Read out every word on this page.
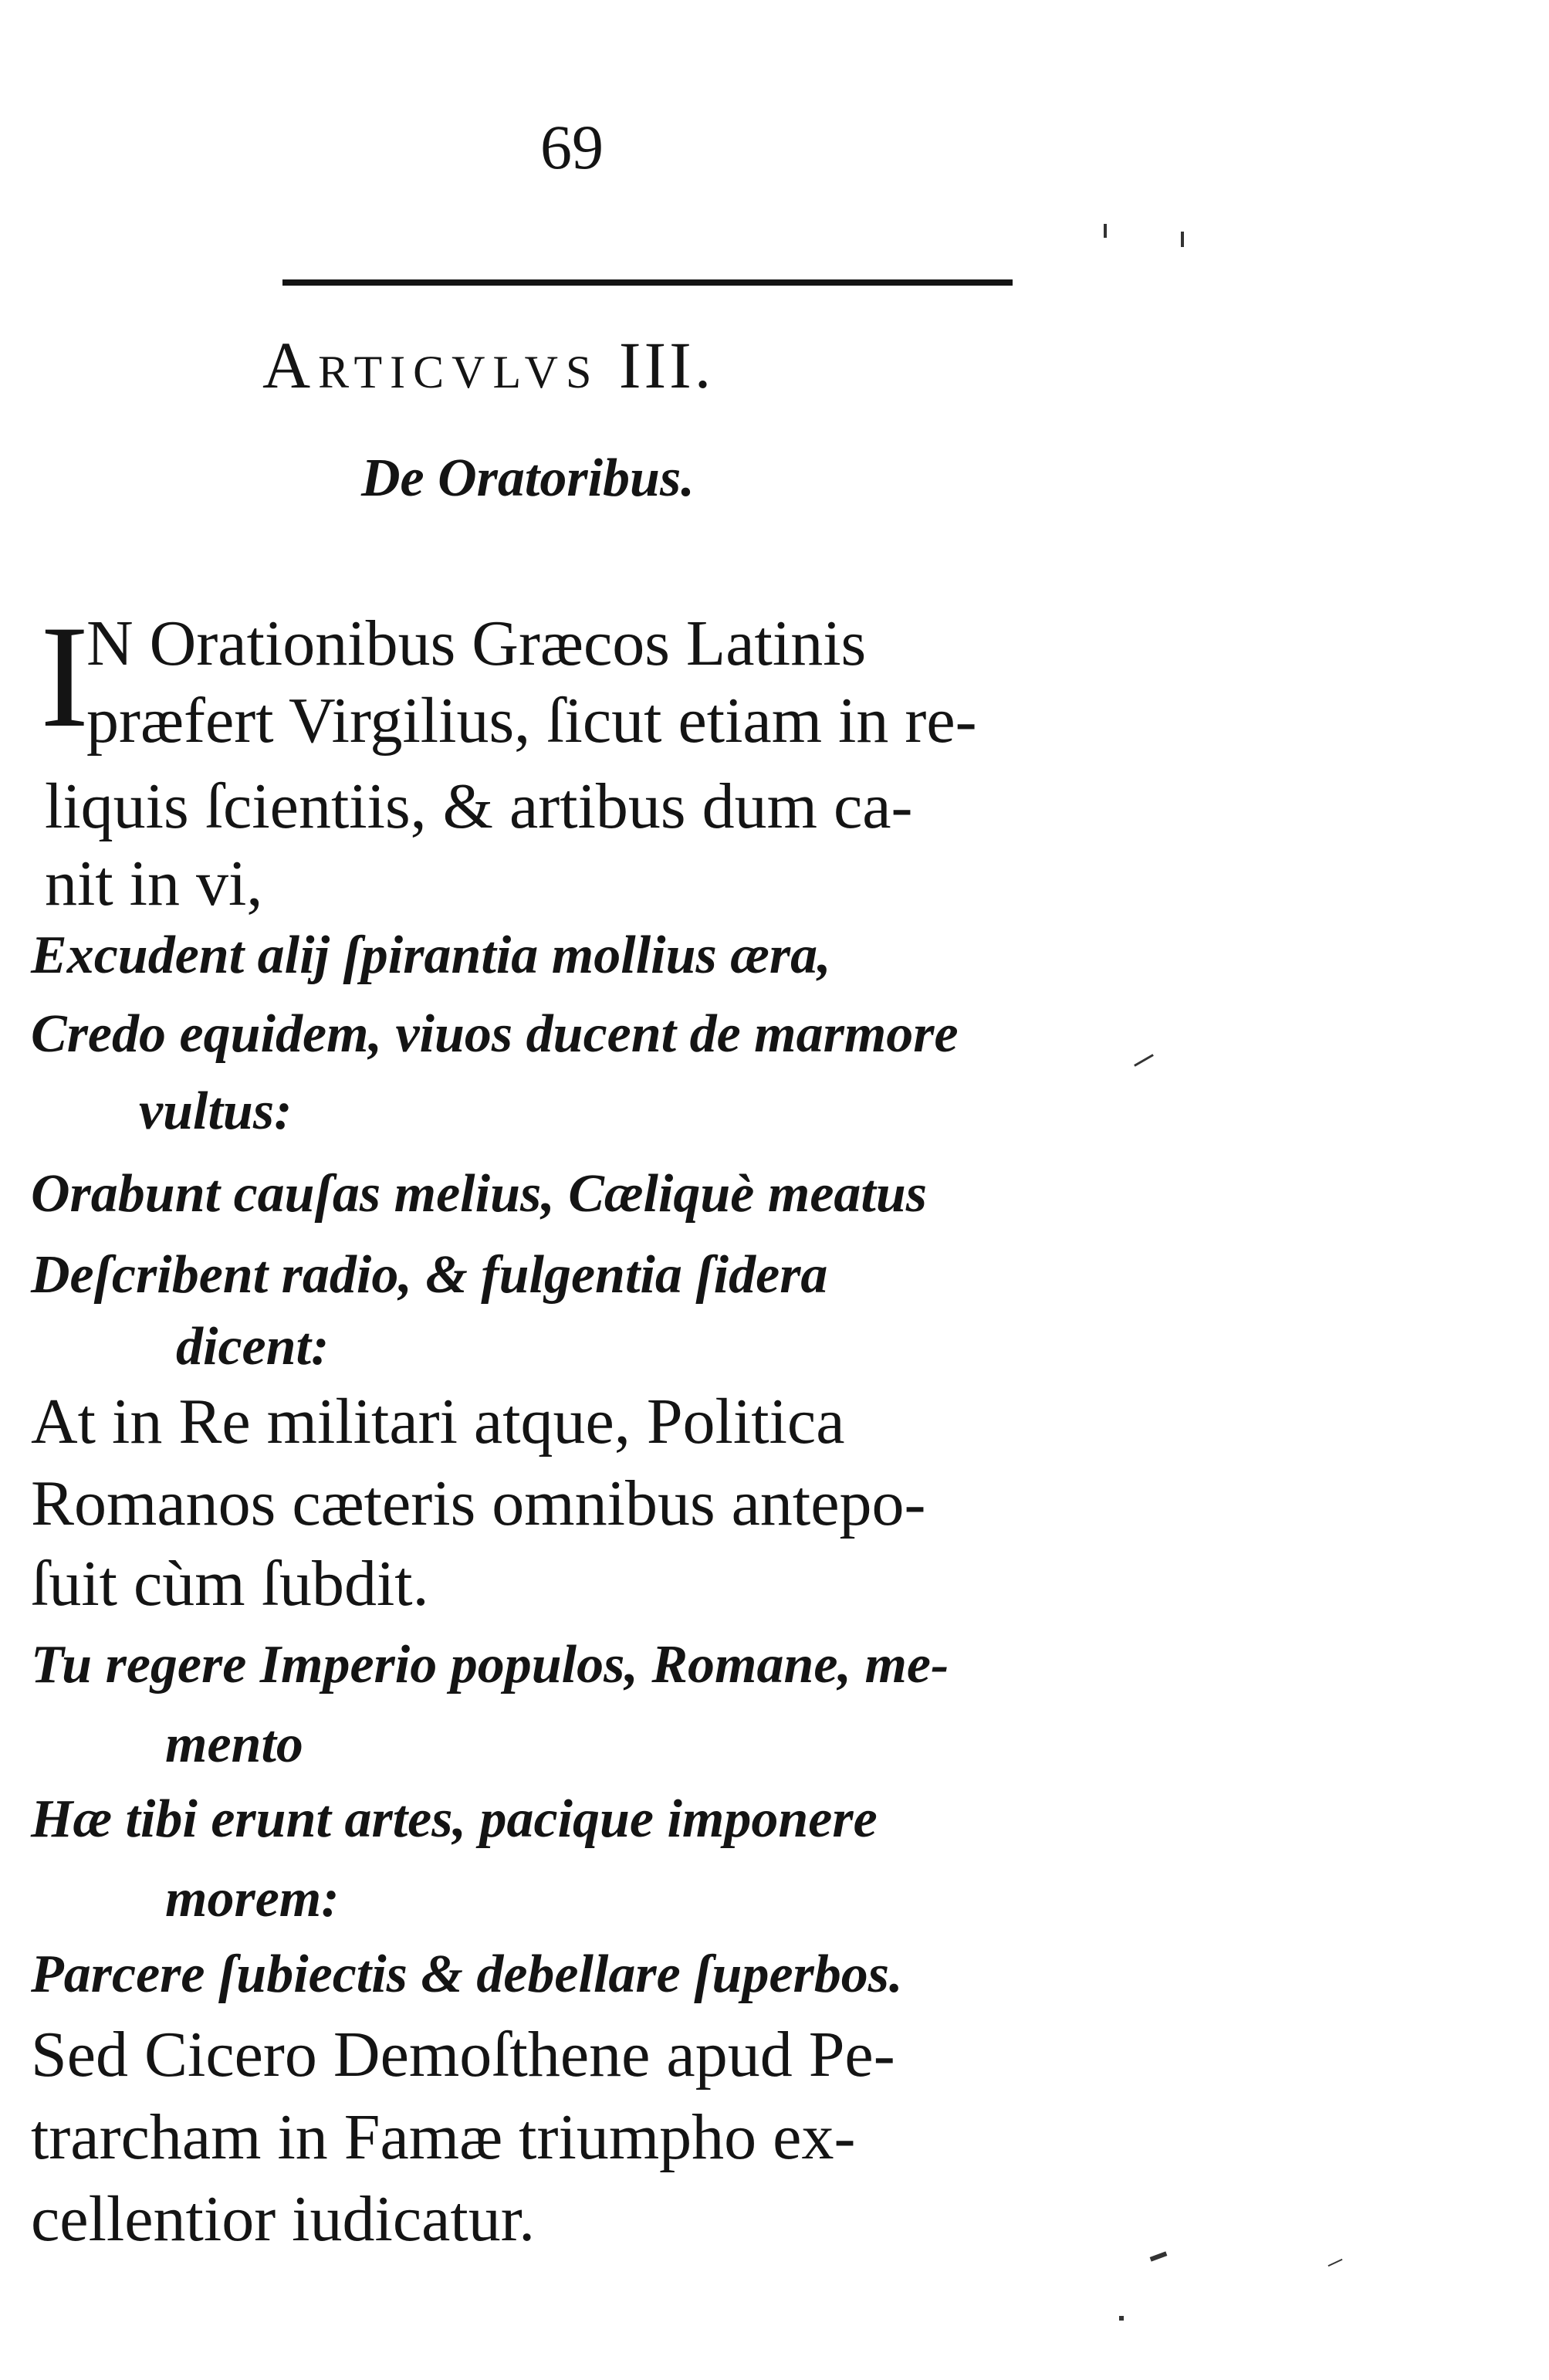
69
Articvlvs III.
De Oratoribus.
I
N Orationibus Græcos Latinis
præfert Virgilius, ſicut etiam in re-
liquis ſcientiis, & artibus dum ca-
nit in vi,
Excudent alij ſpirantia mollius æra,
Credo equidem, viuos ducent de marmore
vultus:
Orabunt cauſas melius, Cæliquè meatus
Deſcribent radio, & fulgentia ſidera
dicent:
At in Re militari atque, Politica
Romanos cæteris omnibus antepo-
ſuit cùm ſubdit.
Tu regere Imperio populos, Romane, me-
mento
Hæ tibi erunt artes, pacique imponere
morem:
Parcere ſubiectis & debellare ſuperbos.
Sed Cicero Demoſthene apud Pe-
trarcham in Famæ triumpho ex-
cellentior iudicatur.
